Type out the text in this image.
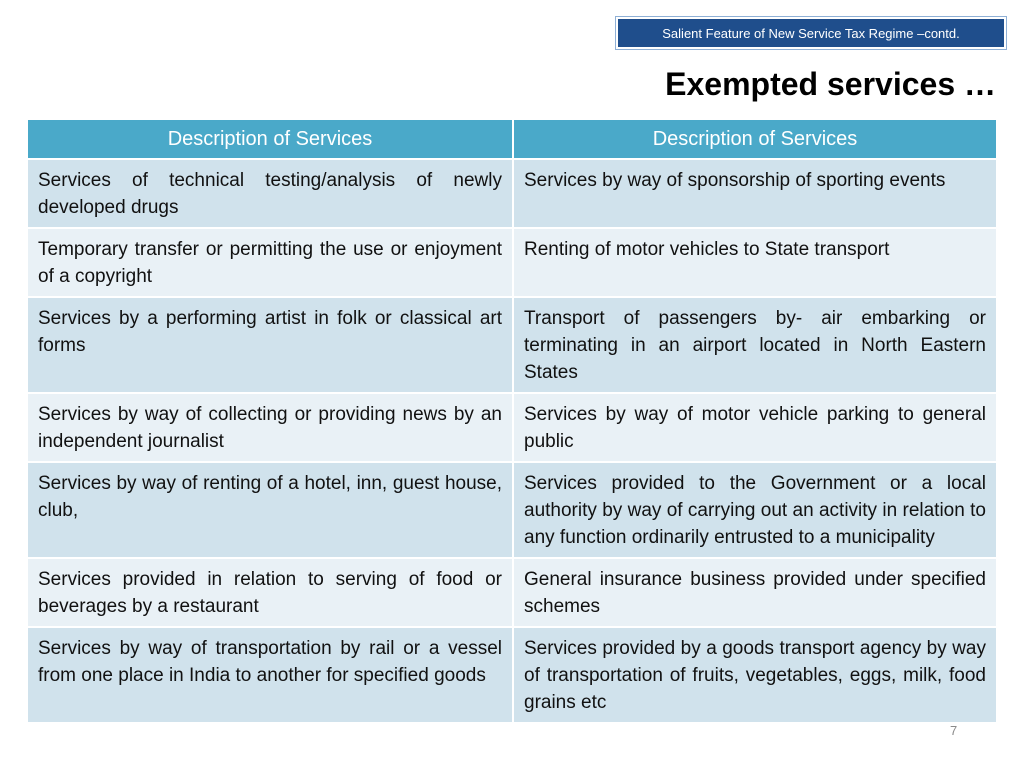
Salient Feature of New Service Tax Regime –contd.
Exempted services …
Description of Services	Description of Services
Services of technical testing/analysis of newly developed drugs	Services by way of sponsorship of sporting events
Temporary transfer or permitting the use or enjoyment of a copyright	Renting of motor vehicles to State transport
Services by a performing artist in folk or classical art forms	Transport of passengers by- air embarking or terminating in an airport located in North Eastern States
Services by way of collecting or providing news by an independent journalist	Services by way of motor vehicle parking to general public
Services by way of renting of a hotel, inn, guest house, club,	Services provided to the Government or a local authority by way of carrying out an activity in relation to any function ordinarily entrusted to a municipality
Services provided in relation to serving of food or beverages by a restaurant	General insurance business provided under specified schemes
Services by way of transportation by rail or a vessel from one place in India to another for specified goods	Services provided by a goods transport agency by way of transportation of fruits, vegetables, eggs, milk, food grains etc
7
